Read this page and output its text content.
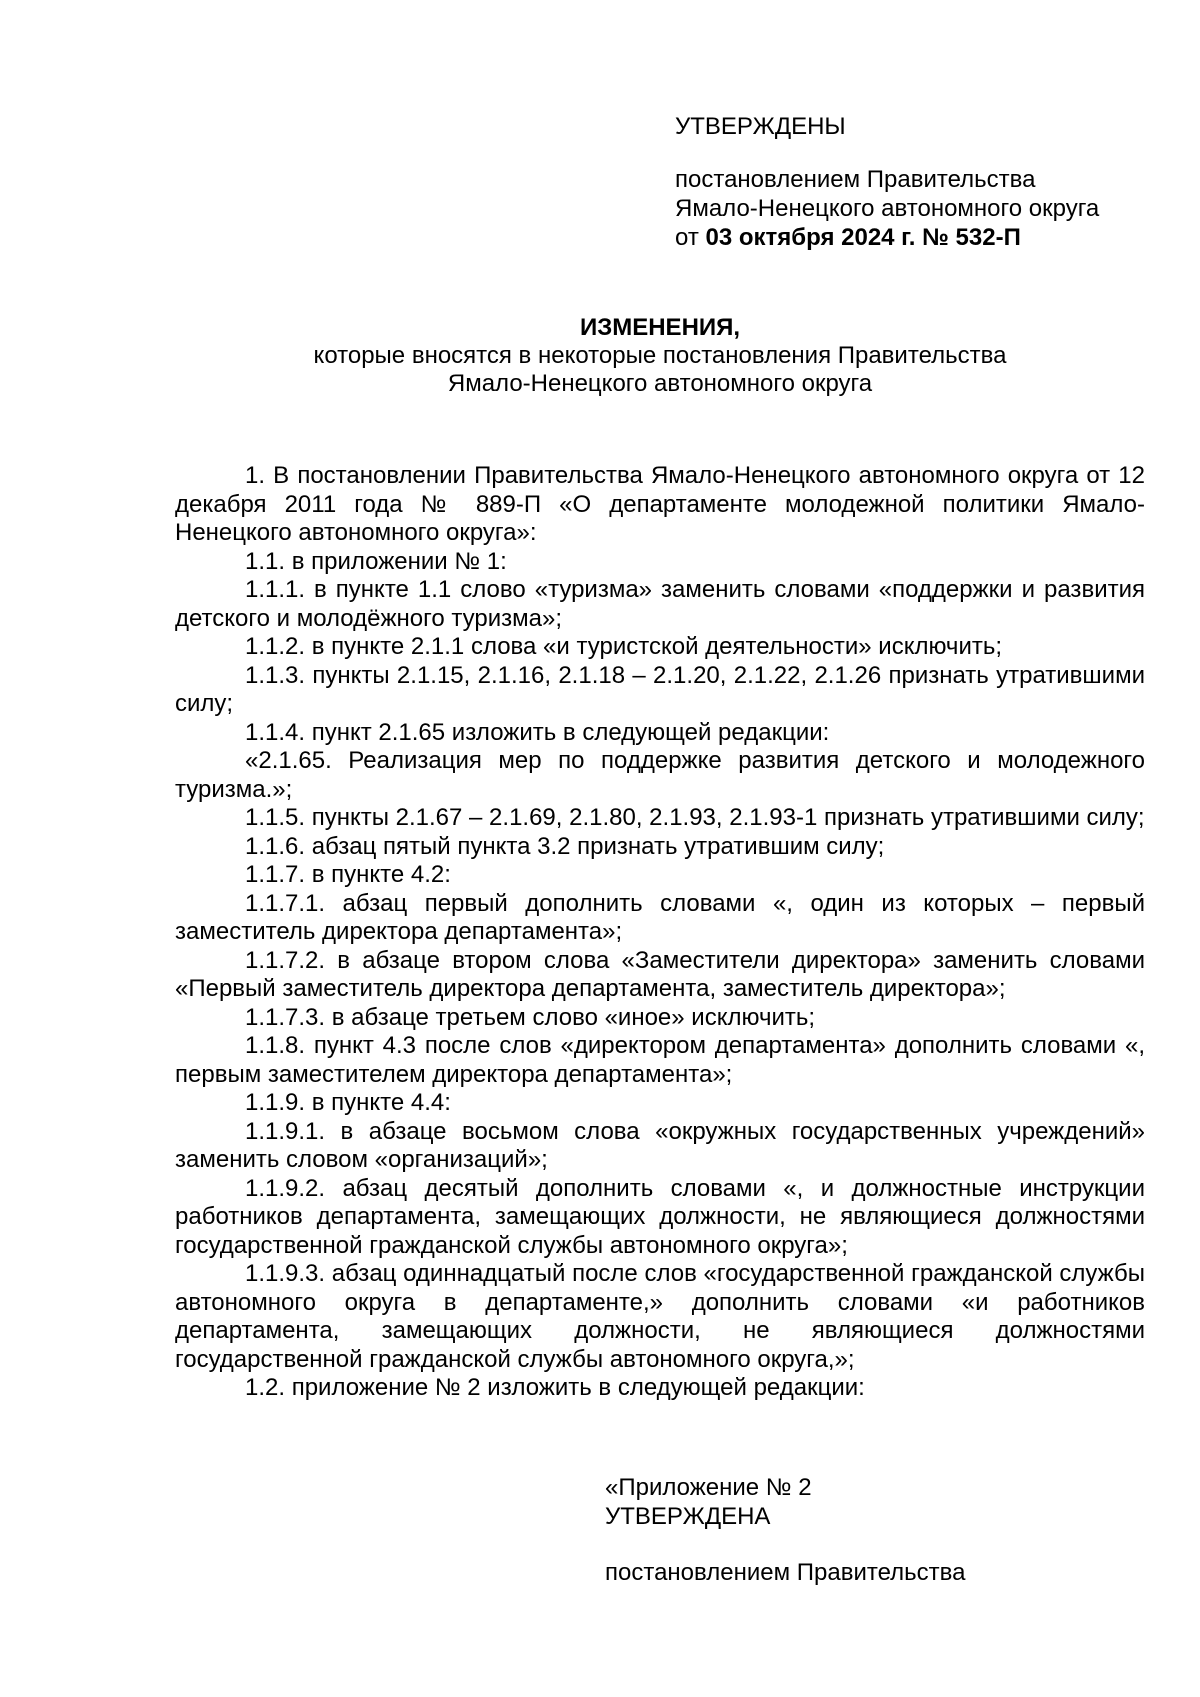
УТВЕРЖДЕНЫ
постановлением Правительства
Ямало-Ненецкого автономного округа
от 03 октября 2024 г. № 532-П
ИЗМЕНЕНИЯ,
которые вносятся в некоторые постановления Правительства
Ямало-Ненецкого автономного округа

1. В постановлении Правительства Ямало-Ненецкого автономного округа от 12 декабря 2011 года № 889-П «О департаменте молодежной политики Ямало-Ненецкого автономного округа»:

1.1. в приложении № 1:

1.1.1. в пункте 1.1 слово «туризма» заменить словами «поддержки и развития детского и молодёжного туризма»;

1.1.2. в пункте 2.1.1 слова «и туристской деятельности» исключить;

1.1.3. пункты 2.1.15, 2.1.16, 2.1.18 – 2.1.20, 2.1.22, 2.1.26 признать утратившими силу;

1.1.4. пункт 2.1.65 изложить в следующей редакции:

«2.1.65. Реализация мер по поддержке развития детского и молодежного туризма.»;

1.1.5. пункты 2.1.67 – 2.1.69, 2.1.80, 2.1.93, 2.1.93-1 признать утратившими силу;

1.1.6. абзац пятый пункта 3.2 признать утратившим силу;

1.1.7. в пункте 4.2:

1.1.7.1. абзац первый дополнить словами «, один из которых – первый заместитель директора департамента»;

1.1.7.2. в абзаце втором слова «Заместители директора» заменить словами «Первый заместитель директора департамента, заместитель директора»;

1.1.7.3. в абзаце третьем слово «иное» исключить;

1.1.8. пункт 4.3 после слов «директором департамента» дополнить словами «, первым заместителем директора департамента»;

1.1.9. в пункте 4.4:

1.1.9.1. в абзаце восьмом слова «окружных государственных учреждений» заменить словом «организаций»;

1.1.9.2. абзац десятый дополнить словами «, и должностные инструкции работников департамента, замещающих должности, не являющиеся должностями государственной гражданской службы автономного округа»;

1.1.9.3. абзац одиннадцатый после слов «государственной гражданской службы автономного округа в департаменте,» дополнить словами «и работников департамента, замещающих должности, не являющиеся должностями государственной гражданской службы автономного округа,»;

1.2. приложение № 2 изложить в следующей редакции:

«Приложение № 2
УТВЕРЖДЕНА
постановлением Правительства
